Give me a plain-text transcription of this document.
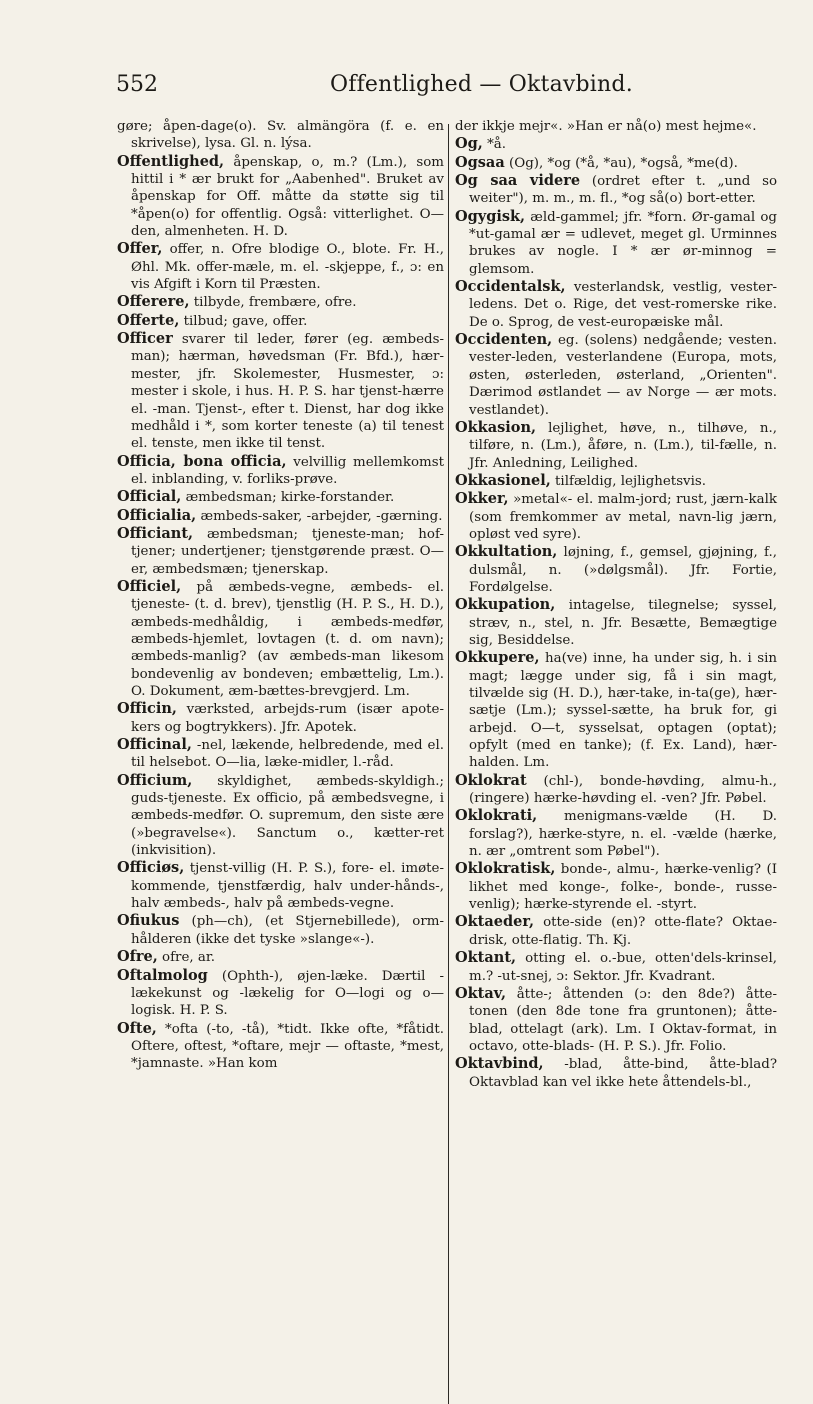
552	Offentlighed — Oktavbind.

gøre; åpen-dage(o). Sv. almängöra (f. e. en skrivelse), lysa. Gl. n. lýsa.

Offentlighed, åpenskap, o, m.? (Lm.), som hittil i * ær brukt for „Aabenhed". Bruket av åpenskap for Off. måtte da støtte sig til *åpen(o) for offentlig. Også: vitterlighet. O—den, almenheten. H. D.

Offer, offer, n. Ofre blodige O., blote. Fr. H., Øhl. Mk. offer-mæle, m. el. -skjeppe, f., ɔ: en vis Afgift i Korn til Præsten.

Offerere, tilbyde, frembære, ofre.

Offerte, tilbud; gave, offer.

Officer svarer til leder, fører (eg. æmbeds-man); hærman, høvedsman (Fr. Bfd.), hær-mester, jfr. Skolemester, Husmester, ɔ: mester i skole, i hus. H. P. S. har tjenst-hærre el. -man. Tjenst-, efter t. Dienst, har dog ikke medhåld i *, som korter teneste (a) til tenest el. tenste, men ikke til tenst.

Officia, bona officia, velvillig mellemkomst el. inblanding, v. forliks-prøve.

Official, æmbedsman; kirke-forstander.

Officialia, æmbeds-saker, -arbejder, -gærning.

Officiant, æmbedsman; tjeneste-man; hof-tjener; undertjener; tjenstgørende præst. O—er, æmbedsmæn; tjenerskap.

Officiel, på æmbeds-vegne, æmbeds- el. tjeneste- (t. d. brev), tjenstlig (H. P. S., H. D.), æmbeds-medhåldig, i æmbeds-medfør, æmbeds-hjemlet, lovtagen (t. d. om navn); æmbeds-manlig? (av æmbeds-man likesom bondevenlig av bondeven; embættelig, Lm.). O. Dokument, æm-bættes-brevgjerd. Lm.

Officin, værksted, arbejds-rum (især apote-kers og bogtrykkers). Jfr. Apotek.

Officinal, -nel, lækende, helbredende, med el. til helsebot. O—lia, læke-midler, l.-råd.

Officium, skyldighet, æmbeds-skyldigh.; guds-tjeneste. Ex officio, på æmbedsvegne, i æmbeds-medfør. O. supremum, den siste ære (»begravelse«). Sanctum o., kætter-ret (inkvisition).

Officiøs, tjenst-villig (H. P. S.), fore- el. imøte-kommende, tjenstfærdig, halv under-hånds-, halv æmbeds-, halv på æmbeds-vegne.

Ofiukus (ph—ch), (et Stjernebillede), orm-hålderen (ikke det tyske »slange«-).

Ofre, ofre, ar.

Oftalmolog (Ophth-), øjen-læke. Dærtil -lækekunst og -lækelig for O—logi og o—logisk. H. P. S.

Ofte, *ofta (-to, -tå), *tidt. Ikke ofte, *fåtidt. Oftere, oftest, *oftare, mejr — oftaste, *mest, *jamnaste. »Han kom

der ikkje mejr«. »Han er nå(o) mest hejme«.

Og, *å.

Ogsaa (Og), *og (*å, *au), *også, *me(d).

Og saa videre (ordret efter t. „und so weiter"), m. m., m. fl., *og så(o) bort-etter.

Ogygisk, æld-gammel; jfr. *forn. Ør-gamal og *ut-gamal ær = udlevet, meget gl. Urminnes brukes av nogle. I * ær ør-minnog = glemsom.

Occidentalsk, vesterlandsk, vestlig, vester-ledens. Det o. Rige, det vest-romerske rike. De o. Sprog, de vest-europæiske mål.

Occidenten, eg. (solens) nedgående; vesten. vester-leden, vesterlandene (Europa, mots, østen, østerleden, østerland, „Orienten". Dærimod østlandet — av Norge — ær mots. vestlandet).

Okkasion, lejlighet, høve, n., tilhøve, n., tilføre, n. (Lm.), åføre, n. (Lm.), til-fælle, n. Jfr. Anledning, Leilighed.

Okkasionel, tilfældig, lejlighetsvis.

Okker, »metal«- el. malm-jord; rust, jærn-kalk (som fremkommer av metal, navn-lig jærn, opløst ved syre).

Okkultation, løjning, f., gemsel, gjøjning, f., dulsmål, n. (»dølgsmål). Jfr. Fortie, Fordølgelse.

Okkupation, intagelse, tilegnelse; syssel, stræv, n., stel, n. Jfr. Besætte, Bemægtige sig, Besiddelse.

Okkupere, ha(ve) inne, ha under sig, h. i sin magt; lægge under sig, få i sin magt, tilvælde sig (H. D.), hær-take, in-ta(ge), hær-sætje (Lm.); syssel-sætte, ha bruk for, gi arbejd. O—t, sysselsat, optagen (optat); opfylt (med en tanke); (f. Ex. Land), hær-halden. Lm.

Oklokrat (chl-), bonde-høvding, almu-h., (ringere) hærke-høvding el. -ven? Jfr. Pøbel.

Oklokrati, menigmans-vælde (H. D. forslag?), hærke-styre, n. el. -vælde (hærke, n. ær „omtrent som Pøbel").

Oklokratisk, bonde-, almu-, hærke-venlig? (I likhet med konge-, folke-, bonde-, russe-venlig); hærke-styrende el. -styrt.

Oktaeder, otte-side (en)? otte-flate? Oktae-drisk, otte-flatig. Th. Kj.

Oktant, otting el. o.-bue, otten'dels-krinsel, m.? -ut-snej, ɔ: Sektor. Jfr. Kvadrant.

Oktav, åtte-; åttenden (ɔ: den 8de?) åtte-tonen (den 8de tone fra gruntonen); åtte-blad, ottelagt (ark). Lm. I Oktav-format, in octavo, otte-blads- (H. P. S.). Jfr. Folio.

Oktavbind, -blad, åtte-bind, åtte-blad? Oktavblad kan vel ikke hete åttendels-bl.,
